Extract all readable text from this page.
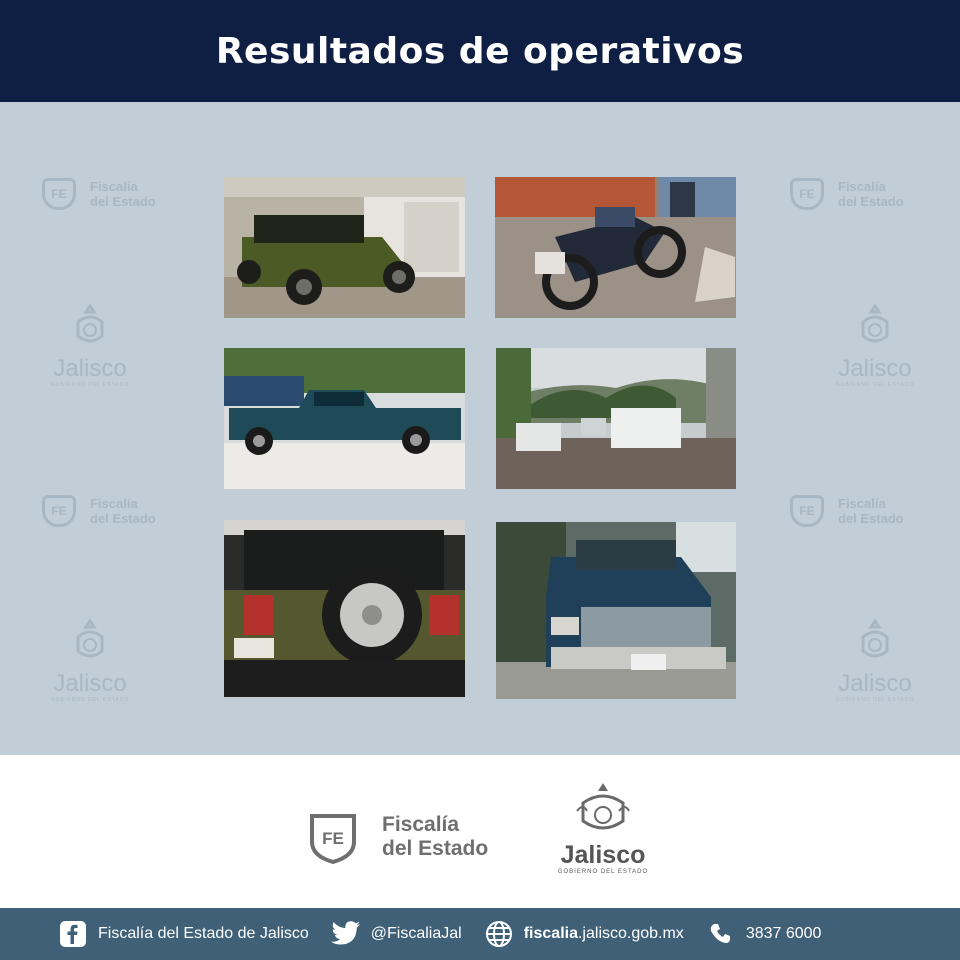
Resultados de operativos
FE	Fiscalía
del Estado
Jalisco
GOBIERNO DEL ESTADO
FE	Fiscalía
del Estado
Jalisco
GOBIERNO DEL ESTADO
FE	Fiscalía
del Estado
Jalisco
GOBIERNO DEL ESTADO
FE	Fiscalía
del Estado
Jalisco
GOBIERNO DEL ESTADO
FE
Fiscalía
del Estado	Jalisco
GOBIERNO DEL ESTADO
Fiscalía del Estado de Jalisco	@FiscaliaJal	fiscalia.jalisco.gob.mx	3837 6000
